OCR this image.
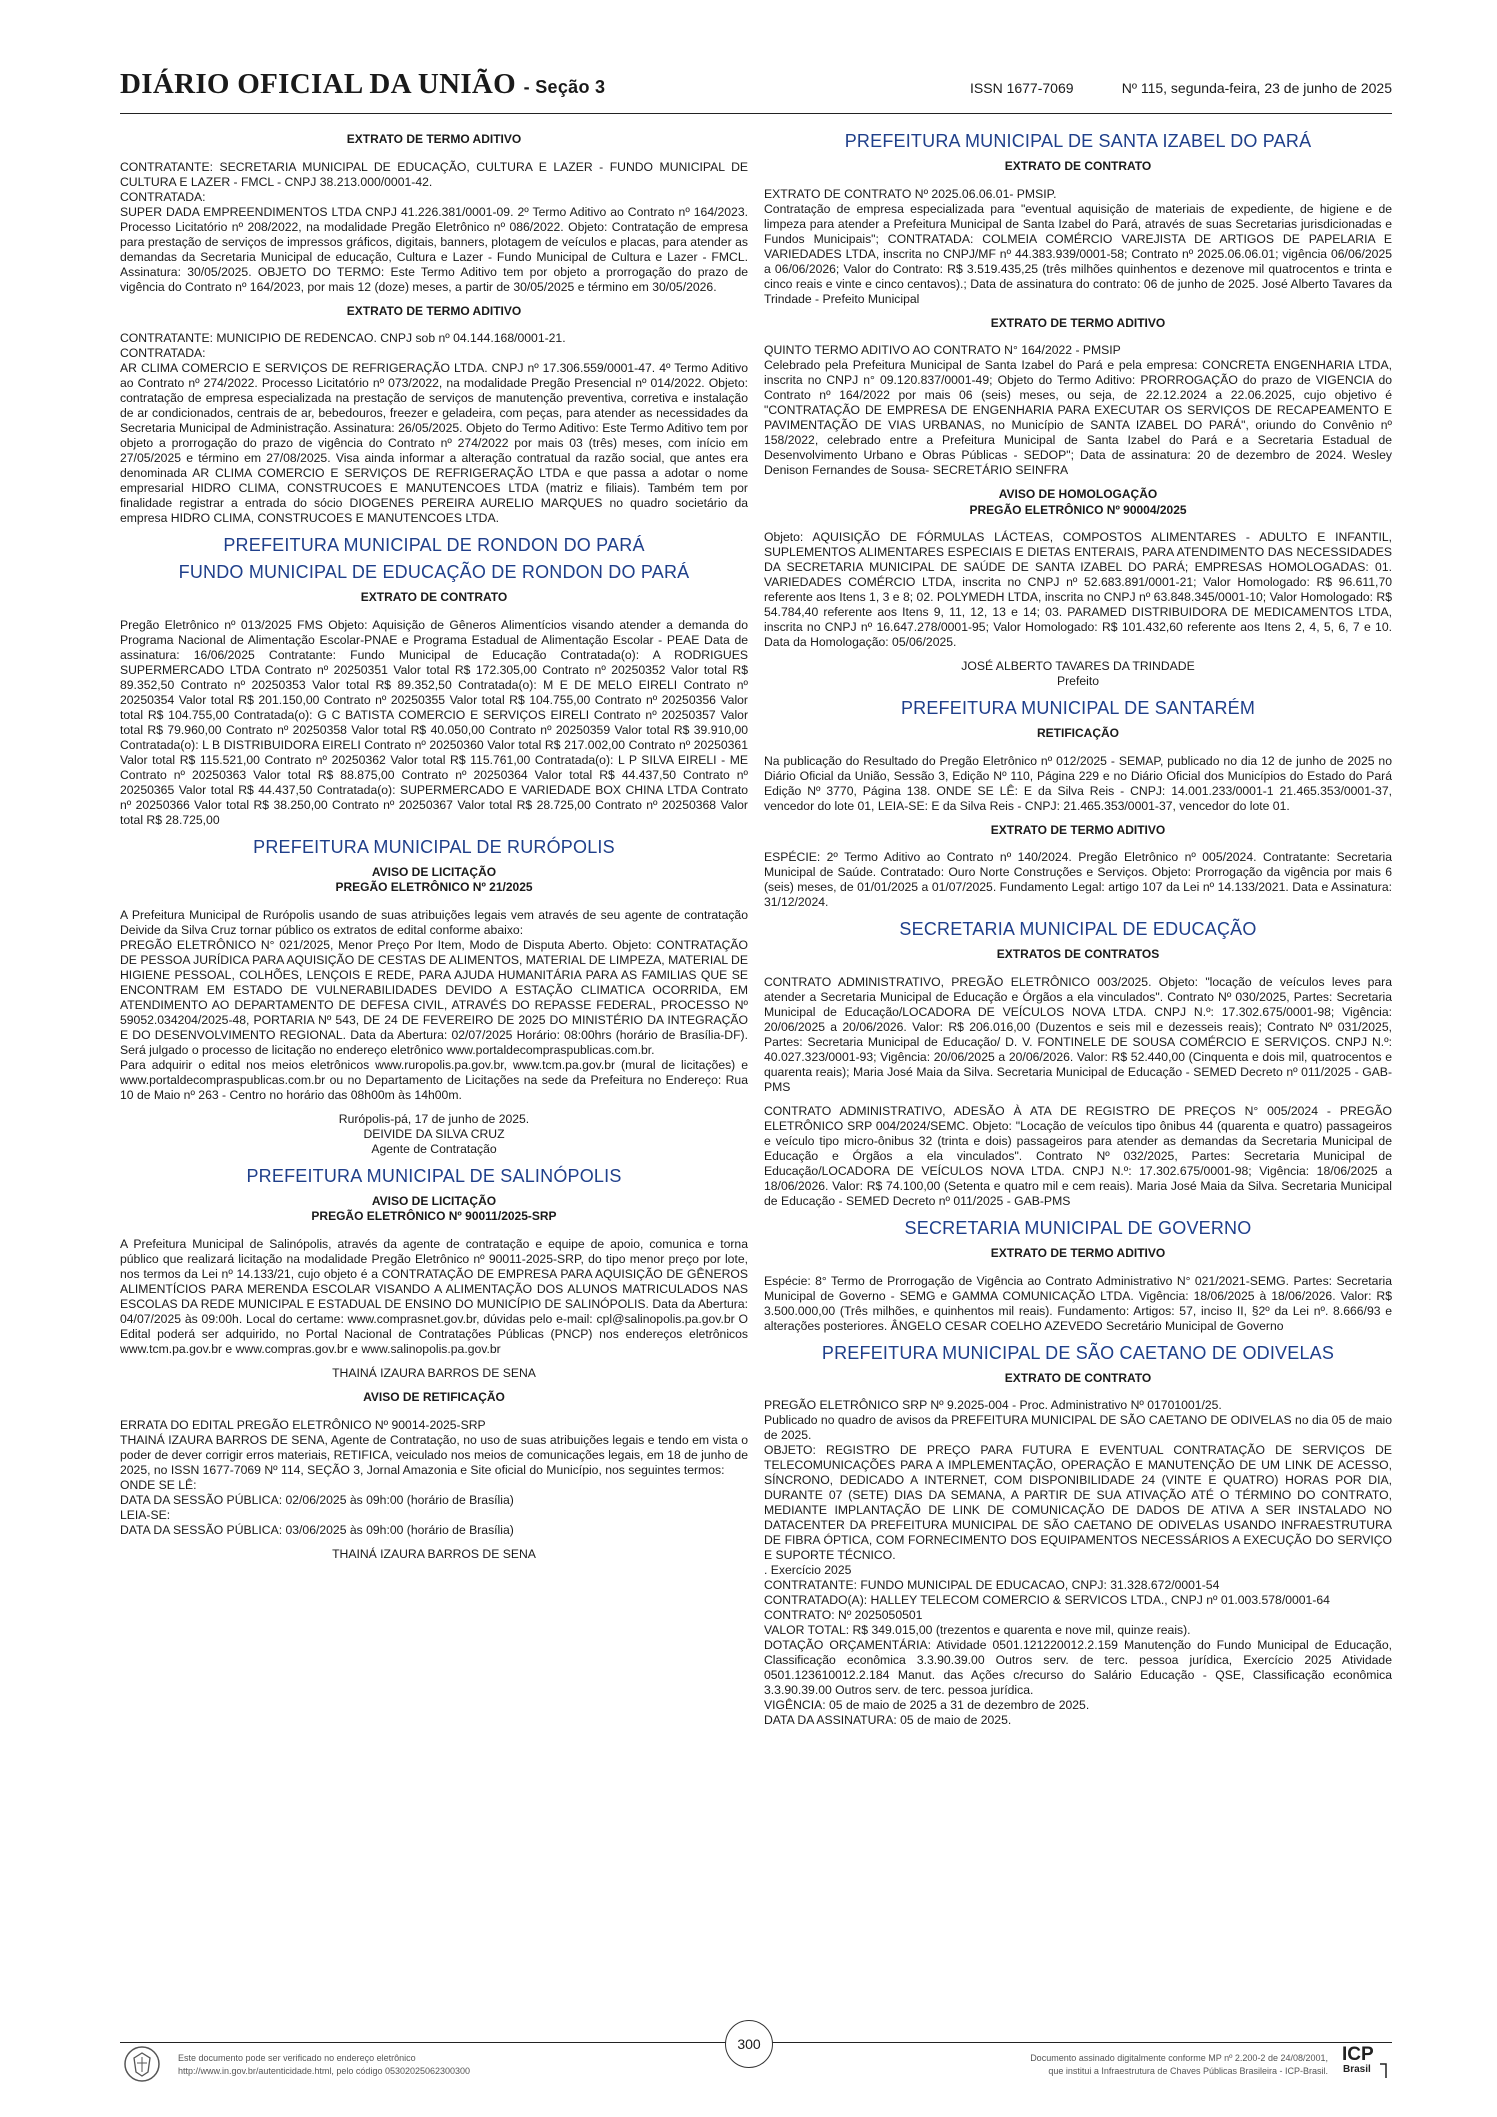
DIÁRIO OFICIAL DA UNIÃO - Seção 3	ISSN 1677-7069	Nº 115, segunda-feira, 23 de junho de 2025
EXTRATO DE TERMO ADITIVO
CONTRATANTE: SECRETARIA MUNICIPAL DE EDUCAÇÃO, CULTURA E LAZER - FUNDO MUNICIPAL DE CULTURA E LAZER - FMCL - CNPJ 38.213.000/0001-42.
CONTRATADA:
SUPER DADA EMPREENDIMENTOS LTDA CNPJ 41.226.381/0001-09. 2º Termo Aditivo ao Contrato nº 164/2023. Processo Licitatório nº 208/2022, na modalidade Pregão Eletrônico nº 086/2022. Objeto: Contratação de empresa para prestação de serviços de impressos gráficos, digitais, banners, plotagem de veículos e placas, para atender as demandas da Secretaria Municipal de educação, Cultura e Lazer - Fundo Municipal de Cultura e Lazer - FMCL. Assinatura: 30/05/2025. OBJETO DO TERMO: Este Termo Aditivo tem por objeto a prorrogação do prazo de vigência do Contrato nº 164/2023, por mais 12 (doze) meses, a partir de 30/05/2025 e término em 30/05/2026.
EXTRATO DE TERMO ADITIVO
CONTRATANTE: MUNICIPIO DE REDENCAO. CNPJ sob nº 04.144.168/0001-21.
CONTRATADA:
AR CLIMA COMERCIO E SERVIÇOS DE REFRIGERAÇÃO LTDA. CNPJ nº 17.306.559/0001-47. 4º Termo Aditivo ao Contrato nº 274/2022. Processo Licitatório nº 073/2022, na modalidade Pregão Presencial nº 014/2022. Objeto: contratação de empresa especializada na prestação de serviços de manutenção preventiva, corretiva e instalação de ar condicionados, centrais de ar, bebedouros, freezer e geladeira, com peças, para atender as necessidades da Secretaria Municipal de Administração. Assinatura: 26/05/2025. Objeto do Termo Aditivo: Este Termo Aditivo tem por objeto a prorrogação do prazo de vigência do Contrato nº 274/2022 por mais 03 (três) meses, com início em 27/05/2025 e término em 27/08/2025. Visa ainda informar a alteração contratual da razão social, que antes era denominada AR CLIMA COMERCIO E SERVIÇOS DE REFRIGERAÇÃO LTDA e que passa a adotar o nome empresarial HIDRO CLIMA, CONSTRUCOES E MANUTENCOES LTDA (matriz e filiais). Também tem por finalidade registrar a entrada do sócio DIOGENES PEREIRA AURELIO MARQUES no quadro societário da empresa HIDRO CLIMA, CONSTRUCOES E MANUTENCOES LTDA.
PREFEITURA MUNICIPAL DE RONDON DO PARÁ
FUNDO MUNICIPAL DE EDUCAÇÃO DE RONDON DO PARÁ
EXTRATO DE CONTRATO
Pregão Eletrônico nº 013/2025 FMS Objeto: Aquisição de Gêneros Alimentícios visando atender a demanda do Programa Nacional de Alimentação Escolar-PNAE e Programa Estadual de Alimentação Escolar - PEAE Data de assinatura: 16/06/2025 Contratante: Fundo Municipal de Educação Contratada(o): A RODRIGUES SUPERMERCADO LTDA Contrato nº 20250351 Valor total R$ 172.305,00 Contrato nº 20250352 Valor total R$ 89.352,50 Contrato nº 20250353 Valor total R$ 89.352,50 Contratada(o): M E DE MELO EIRELI Contrato nº 20250354 Valor total R$ 201.150,00 Contrato nº 20250355 Valor total R$ 104.755,00 Contrato nº 20250356 Valor total R$ 104.755,00 Contratada(o): G C BATISTA COMERCIO E SERVIÇOS EIRELI Contrato nº 20250357 Valor total R$ 79.960,00 Contrato nº 20250358 Valor total R$ 40.050,00 Contrato nº 20250359 Valor total R$ 39.910,00 Contratada(o): L B DISTRIBUIDORA EIRELI Contrato nº 20250360 Valor total R$ 217.002,00 Contrato nº 20250361 Valor total R$ 115.521,00 Contrato nº 20250362 Valor total R$ 115.761,00 Contratada(o): L P SILVA EIRELI - ME Contrato nº 20250363 Valor total R$ 88.875,00 Contrato nº 20250364 Valor total R$ 44.437,50 Contrato nº 20250365 Valor total R$ 44.437,50 Contratada(o): SUPERMERCADO E VARIEDADE BOX CHINA LTDA Contrato nº 20250366 Valor total R$ 38.250,00 Contrato nº 20250367 Valor total R$ 28.725,00 Contrato nº 20250368 Valor total R$ 28.725,00
PREFEITURA MUNICIPAL DE RURÓPOLIS
AVISO DE LICITAÇÃO
PREGÃO ELETRÔNICO Nº 21/2025
A Prefeitura Municipal de Rurópolis usando de suas atribuições legais vem através de seu agente de contratação Deivide da Silva Cruz tornar público os extratos de edital conforme abaixo:
PREGÃO ELETRÔNICO N° 021/2025, Menor Preço Por Item, Modo de Disputa Aberto. Objeto: CONTRATAÇÃO DE PESSOA JURÍDICA PARA AQUISIÇÃO DE CESTAS DE ALIMENTOS, MATERIAL DE LIMPEZA, MATERIAL DE HIGIENE PESSOAL, COLHÕES, LENÇOIS E REDE, PARA AJUDA HUMANITÁRIA PARA AS FAMILIAS QUE SE ENCONTRAM EM ESTADO DE VULNERABILIDADES DEVIDO A ESTAÇÃO CLIMATICA OCORRIDA, EM ATENDIMENTO AO DEPARTAMENTO DE DEFESA CIVIL, ATRAVÉS DO REPASSE FEDERAL, PROCESSO Nº 59052.034204/2025-48, PORTARIA Nº 543, DE 24 DE FEVEREIRO DE 2025 DO MINISTÉRIO DA INTEGRAÇÃO E DO DESENVOLVIMENTO REGIONAL. Data da Abertura: 02/07/2025 Horário: 08:00hrs (horário de Brasília-DF). Será julgado o processo de licitação no endereço eletrônico www.portaldecompraspublicas.com.br.
Para adquirir o edital nos meios eletrônicos www.ruropolis.pa.gov.br, www.tcm.pa.gov.br (mural de licitações) e www.portaldecompraspublicas.com.br ou no Departamento de Licitações na sede da Prefeitura no Endereço: Rua 10 de Maio nº 263 - Centro no horário das 08h00m às 14h00m.
Rurópolis-pá, 17 de junho de 2025.
DEIVIDE DA SILVA CRUZ
Agente de Contratação
PREFEITURA MUNICIPAL DE SALINÓPOLIS
AVISO DE LICITAÇÃO
PREGÃO ELETRÔNICO Nº 90011/2025-SRP
A Prefeitura Municipal de Salinópolis, através da agente de contratação e equipe de apoio, comunica e torna público que realizará licitação na modalidade Pregão Eletrônico nº 90011-2025-SRP, do tipo menor preço por lote, nos termos da Lei nº 14.133/21, cujo objeto é a CONTRATAÇÃO DE EMPRESA PARA AQUISIÇÃO DE GÊNEROS ALIMENTÍCIOS PARA MERENDA ESCOLAR VISANDO A ALIMENTAÇÃO DOS ALUNOS MATRICULADOS NAS ESCOLAS DA REDE MUNICIPAL E ESTADUAL DE ENSINO DO MUNICÍPIO DE SALINÓPOLIS. Data da Abertura: 04/07/2025 às 09:00h. Local do certame: www.comprasnet.gov.br, dúvidas pelo e-mail: cpl@salinopolis.pa.gov.br O Edital poderá ser adquirido, no Portal Nacional de Contratações Públicas (PNCP) nos endereços eletrônicos www.tcm.pa.gov.br e www.compras.gov.br e www.salinopolis.pa.gov.br
THAINÁ IZAURA BARROS DE SENA
AVISO DE RETIFICAÇÃO
ERRATA DO EDITAL PREGÃO ELETRÔNICO Nº 90014-2025-SRP
THAINÁ IZAURA BARROS DE SENA, Agente de Contratação, no uso de suas atribuições legais e tendo em vista o poder de dever corrigir erros materiais, RETIFICA, veiculado nos meios de comunicações legais, em 18 de junho de 2025, no ISSN 1677-7069 Nº 114, SEÇÃO 3, Jornal Amazonia e Site oficial do Município, nos seguintes termos:
ONDE SE LÊ:
DATA DA SESSÃO PÚBLICA: 02/06/2025 às 09h:00 (horário de Brasília)
LEIA-SE:
DATA DA SESSÃO PÚBLICA: 03/06/2025 às 09h:00 (horário de Brasília)
THAINÁ IZAURA BARROS DE SENA
PREFEITURA MUNICIPAL DE SANTA IZABEL DO PARÁ
EXTRATO DE CONTRATO
EXTRATO DE CONTRATO Nº 2025.06.06.01- PMSIP.
Contratação de empresa especializada para "eventual aquisição de materiais de expediente, de higiene e de limpeza para atender a Prefeitura Municipal de Santa Izabel do Pará, através de suas Secretarias jurisdicionadas e Fundos Municipais"; CONTRATADA: COLMEIA COMÉRCIO VAREJISTA DE ARTIGOS DE PAPELARIA E VARIEDADES LTDA, inscrita no CNPJ/MF nº 44.383.939/0001-58; Contrato nº 2025.06.06.01; vigência 06/06/2025 a 06/06/2026; Valor do Contrato: R$ 3.519.435,25 (três milhões quinhentos e dezenove mil quatrocentos e trinta e cinco reais e vinte e cinco centavos).; Data de assinatura do contrato: 06 de junho de 2025. José Alberto Tavares da Trindade - Prefeito Municipal
EXTRATO DE TERMO ADITIVO
QUINTO TERMO ADITIVO AO CONTRATO N° 164/2022 - PMSIP
Celebrado pela Prefeitura Municipal de Santa Izabel do Pará e pela empresa: CONCRETA ENGENHARIA LTDA, inscrita no CNPJ n° 09.120.837/0001-49; Objeto do Termo Aditivo: PRORROGAÇÃO do prazo de VIGENCIA do Contrato nº 164/2022 por mais 06 (seis) meses, ou seja, de 22.12.2024 a 22.06.2025, cujo objetivo é "CONTRATAÇÃO DE EMPRESA DE ENGENHARIA PARA EXECUTAR OS SERVIÇOS DE RECAPEAMENTO E PAVIMENTAÇÃO DE VIAS URBANAS, no Município de SANTA IZABEL DO PARÁ", oriundo do Convênio nº 158/2022, celebrado entre a Prefeitura Municipal de Santa Izabel do Pará e a Secretaria Estadual de Desenvolvimento Urbano e Obras Públicas - SEDOP"; Data de assinatura: 20 de dezembro de 2024. Wesley Denison Fernandes de Sousa- SECRETÁRIO SEINFRA
AVISO DE HOMOLOGAÇÃO
PREGÃO ELETRÔNICO Nº 90004/2025
Objeto: AQUISIÇÃO DE FÓRMULAS LÁCTEAS, COMPOSTOS ALIMENTARES - ADULTO E INFANTIL, SUPLEMENTOS ALIMENTARES ESPECIAIS E DIETAS ENTERAIS, PARA ATENDIMENTO DAS NECESSIDADES DA SECRETARIA MUNICIPAL DE SAÚDE DE SANTA IZABEL DO PARÁ; EMPRESAS HOMOLOGADAS: 01. VARIEDADES COMÉRCIO LTDA, inscrita no CNPJ nº 52.683.891/0001-21; Valor Homologado: R$ 96.611,70 referente aos Itens 1, 3 e 8; 02. POLYMEDH LTDA, inscrita no CNPJ nº 63.848.345/0001-10; Valor Homologado: R$ 54.784,40 referente aos Itens 9, 11, 12, 13 e 14; 03. PARAMED DISTRIBUIDORA DE MEDICAMENTOS LTDA, inscrita no CNPJ nº 16.647.278/0001-95; Valor Homologado: R$ 101.432,60 referente aos Itens 2, 4, 5, 6, 7 e 10. Data da Homologação: 05/06/2025.
JOSÉ ALBERTO TAVARES DA TRINDADE
Prefeito
PREFEITURA MUNICIPAL DE SANTARÉM
RETIFICAÇÃO
Na publicação do Resultado do Pregão Eletrônico nº 012/2025 - SEMAP, publicado no dia 12 de junho de 2025 no Diário Oficial da União, Sessão 3, Edição Nº 110, Página 229 e no Diário Oficial dos Municípios do Estado do Pará Edição Nº 3770, Página 138. ONDE SE LÊ: E da Silva Reis - CNPJ: 14.001.233/0001-1 21.465.353/0001-37, vencedor do lote 01, LEIA-SE: E da Silva Reis - CNPJ: 21.465.353/0001-37, vencedor do lote 01.
EXTRATO DE TERMO ADITIVO
ESPÉCIE: 2º Termo Aditivo ao Contrato nº 140/2024. Pregão Eletrônico nº 005/2024. Contratante: Secretaria Municipal de Saúde. Contratado: Ouro Norte Construções e Serviços. Objeto: Prorrogação da vigência por mais 6 (seis) meses, de 01/01/2025 a 01/07/2025. Fundamento Legal: artigo 107 da Lei nº 14.133/2021. Data e Assinatura: 31/12/2024.
SECRETARIA MUNICIPAL DE EDUCAÇÃO
EXTRATOS DE CONTRATOS
CONTRATO ADMINISTRATIVO, PREGÃO ELETRÔNICO 003/2025. Objeto: "locação de veículos leves para atender a Secretaria Municipal de Educação e Órgãos a ela vinculados". Contrato Nº 030/2025, Partes: Secretaria Municipal de Educação/LOCADORA DE VEÍCULOS NOVA LTDA. CNPJ N.º: 17.302.675/0001-98; Vigência: 20/06/2025 a 20/06/2026. Valor: R$ 206.016,00 (Duzentos e seis mil e dezesseis reais); Contrato Nº 031/2025, Partes: Secretaria Municipal de Educação/ D. V. FONTINELE DE SOUSA COMÉRCIO E SERVIÇOS. CNPJ N.º: 40.027.323/0001-93; Vigência: 20/06/2025 a 20/06/2026. Valor: R$ 52.440,00 (Cinquenta e dois mil, quatrocentos e quarenta reais); Maria José Maia da Silva. Secretaria Municipal de Educação - SEMED Decreto nº 011/2025 - GAB-PMS
CONTRATO ADMINISTRATIVO, ADESÃO À ATA DE REGISTRO DE PREÇOS N° 005/2024 - PREGÃO ELETRÔNICO SRP 004/2024/SEMC. Objeto: "Locação de veículos tipo ônibus 44 (quarenta e quatro) passageiros e veículo tipo micro-ônibus 32 (trinta e dois) passageiros para atender as demandas da Secretaria Municipal de Educação e Órgãos a ela vinculados". Contrato Nº 032/2025, Partes: Secretaria Municipal de Educação/LOCADORA DE VEÍCULOS NOVA LTDA. CNPJ N.º: 17.302.675/0001-98; Vigência: 18/06/2025 a 18/06/2026. Valor: R$ 74.100,00 (Setenta e quatro mil e cem reais). Maria José Maia da Silva. Secretaria Municipal de Educação - SEMED Decreto nº 011/2025 - GAB-PMS
SECRETARIA MUNICIPAL DE GOVERNO
EXTRATO DE TERMO ADITIVO
Espécie: 8° Termo de Prorrogação de Vigência ao Contrato Administrativo N° 021/2021-SEMG. Partes: Secretaria Municipal de Governo - SEMG e GAMMA COMUNICAÇÃO LTDA. Vigência: 18/06/2025 à 18/06/2026. Valor: R$ 3.500.000,00 (Três milhões, e quinhentos mil reais). Fundamento: Artigos: 57, inciso II, §2º da Lei nº. 8.666/93 e alterações posteriores. ÂNGELO CESAR COELHO AZEVEDO Secretário Municipal de Governo
PREFEITURA MUNICIPAL DE SÃO CAETANO DE ODIVELAS
EXTRATO DE CONTRATO
PREGÃO ELETRÔNICO SRP Nº 9.2025-004 - Proc. Administrativo Nº 01701001/25.
Publicado no quadro de avisos da PREFEITURA MUNICIPAL DE SÃO CAETANO DE ODIVELAS no dia 05 de maio de 2025.
OBJETO: REGISTRO DE PREÇO PARA FUTURA E EVENTUAL CONTRATAÇÃO DE SERVIÇOS DE TELECOMUNICAÇÕES PARA A IMPLEMENTAÇÃO, OPERAÇÃO E MANUTENÇÃO DE UM LINK DE ACESSO, SÍNCRONO, DEDICADO A INTERNET, COM DISPONIBILIDADE 24 (VINTE E QUATRO) HORAS POR DIA, DURANTE 07 (SETE) DIAS DA SEMANA, A PARTIR DE SUA ATIVAÇÃO ATÉ O TÉRMINO DO CONTRATO, MEDIANTE IMPLANTAÇÃO DE LINK DE COMUNICAÇÃO DE DADOS DE ATIVA A SER INSTALADO NO DATACENTER DA PREFEITURA MUNICIPAL DE SÃO CAETANO DE ODIVELAS USANDO INFRAESTRUTURA DE FIBRA ÓPTICA, COM FORNECIMENTO DOS EQUIPAMENTOS NECESSÁRIOS A EXECUÇÃO DO SERVIÇO E SUPORTE TÉCNICO.
. Exercício 2025
CONTRATANTE: FUNDO MUNICIPAL DE EDUCACAO, CNPJ: 31.328.672/0001-54
CONTRATADO(A): HALLEY TELECOM COMERCIO & SERVICOS LTDA., CNPJ nº 01.003.578/0001-64
CONTRATO: Nº 2025050501
VALOR TOTAL: R$ 349.015,00 (trezentos e quarenta e nove mil, quinze reais).
DOTAÇÃO ORÇAMENTÁRIA: Atividade 0501.121220012.2.159 Manutenção do Fundo Municipal de Educação, Classificação econômica 3.3.90.39.00 Outros serv. de terc. pessoa jurídica, Exercício 2025 Atividade 0501.123610012.2.184 Manut. das Ações c/recurso do Salário Educação - QSE, Classificação econômica 3.3.90.39.00 Outros serv. de terc. pessoa jurídica.
VIGÊNCIA: 05 de maio de 2025 a 31 de dezembro de 2025.
DATA DA ASSINATURA: 05 de maio de 2025.
Este documento pode ser verificado no endereço eletrônico
http://www.in.gov.br/autenticidade.html, pelo código 05302025062300300
300
Documento assinado digitalmente conforme MP nº 2.200-2 de 24/08/2001,
que institui a Infraestrutura de Chaves Públicas Brasileira - ICP-Brasil.
ICP
Brasil
